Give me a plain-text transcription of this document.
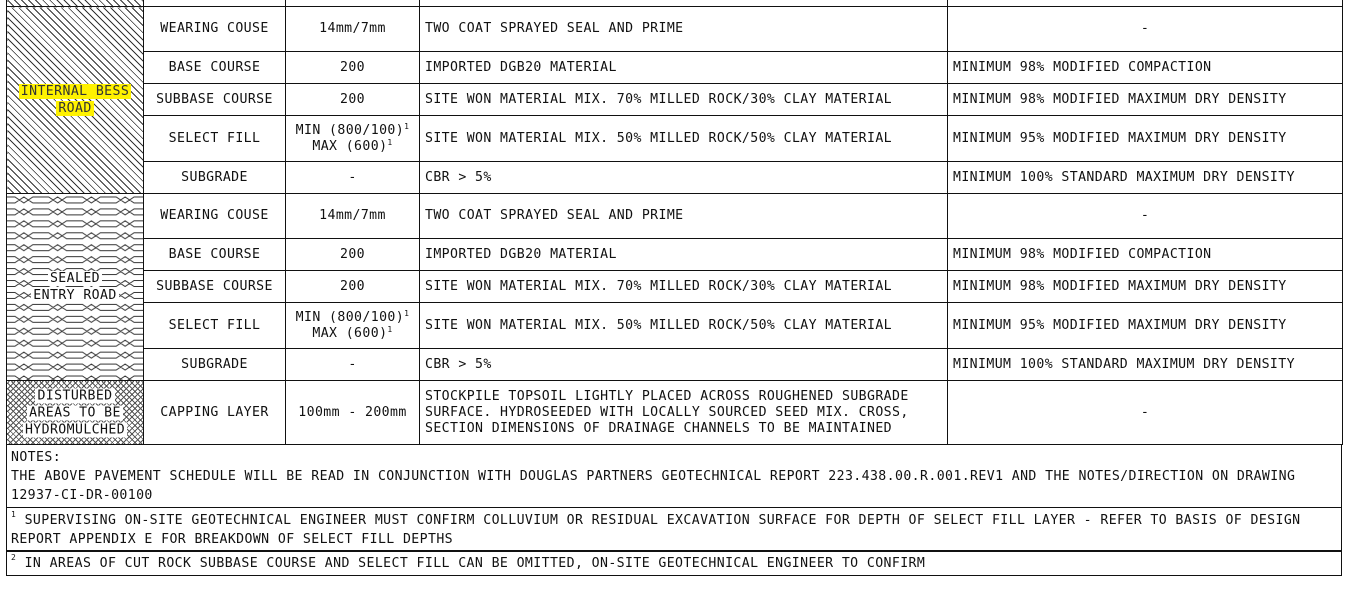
INTERNAL BESS
ROAD	WEARING COUSE	14mm/7mm	TWO COAT SPRAYED SEAL AND PRIME	-
	BASE COURSE	200	IMPORTED DGB20 MATERIAL	MINIMUM 98% MODIFIED COMPACTION
	SUBBASE COURSE	200	SITE WON MATERIAL MIX. 70% MILLED ROCK/30% CLAY MATERIAL	MINIMUM 98% MODIFIED MAXIMUM DRY DENSITY
	SELECT FILL	MIN $(800/100)^1$
MAX $(600)^1$	SITE WON MATERIAL MIX. 50% MILLED ROCK/50% CLAY MATERIAL	MINIMUM 95% MODIFIED MAXIMUM DRY DENSITY
	SUBGRADE	-	CBR > 5%	MINIMUM 100% STANDARD MAXIMUM DRY DENSITY

SEALED
ENTRY ROAD	WEARING COUSE	14mm/7mm	TWO COAT SPRAYED SEAL AND PRIME	-
	BASE COURSE	200	IMPORTED DGB20 MATERIAL	MINIMUM 98% MODIFIED COMPACTION
	SUBBASE COURSE	200	SITE WON MATERIAL MIX. 70% MILLED ROCK/30% CLAY MATERIAL	MINIMUM 98% MODIFIED MAXIMUM DRY DENSITY
	SELECT FILL	MIN $(800/100)^1$
MAX $(600)^1$	SITE WON MATERIAL MIX. 50% MILLED ROCK/50% CLAY MATERIAL	MINIMUM 95% MODIFIED MAXIMUM DRY DENSITY
	SUBGRADE	-	CBR > 5%	MINIMUM 100% STANDARD MAXIMUM DRY DENSITY

DISTURBED
AREAS TO BE
HYDROMULCHED	CAPPING LAYER	100mm - 200mm	STOCKPILE TOPSOIL LIGHTLY PLACED ACROSS ROUGHENED SUBGRADE
SURFACE. HYDROSEEDED WITH LOCALLY SOURCED SEED MIX. CROSS,
SECTION DIMENSIONS OF DRAINAGE CHANNELS TO BE MAINTAINED	-
NOTES:
THE ABOVE PAVEMENT SCHEDULE WILL BE READ IN CONJUNCTION WITH DOUGLAS PARTNERS GEOTECHNICAL REPORT 223.438.00.R.001.REV1 AND THE NOTES/DIRECTION ON DRAWING
12937-CI-DR-00100
$^1$ SUPERVISING ON-SITE GEOTECHNICAL ENGINEER MUST CONFIRM COLLUVIUM OR RESIDUAL EXCAVATION SURFACE FOR DEPTH OF SELECT FILL LAYER - REFER TO BASIS OF DESIGN
REPORT APPENDIX E FOR BREAKDOWN OF SELECT FILL DEPTHS
$^2$ IN AREAS OF CUT ROCK SUBBASE COURSE AND SELECT FILL CAN BE OMITTED, ON-SITE GEOTECHNICAL ENGINEER TO CONFIRM
